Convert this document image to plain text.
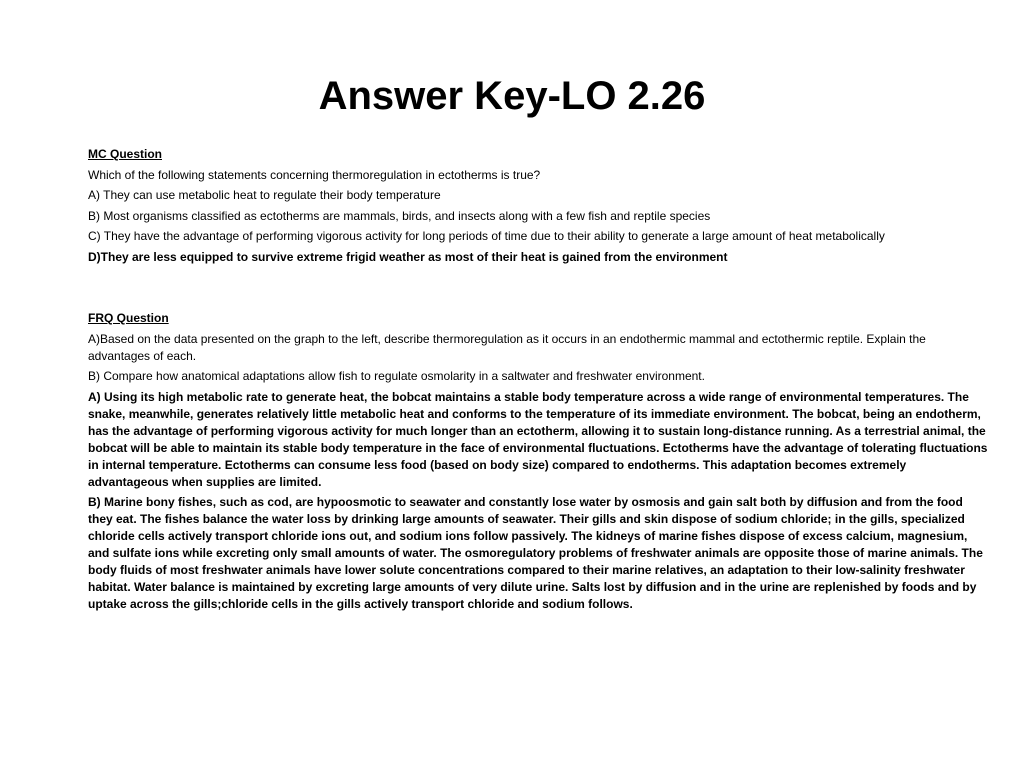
Answer Key-LO 2.26

MC Question

Which of the following statements concerning thermoregulation in ectotherms is true?

A) They can use metabolic heat to regulate their body temperature

B) Most organisms classified as ectotherms are mammals, birds, and insects along with a few fish and reptile species

C) They have the advantage of performing vigorous activity for long periods of time due to their ability to generate a large amount of heat metabolically

D)They are less equipped to survive extreme frigid weather as most of their heat is gained from the environment

FRQ Question

A)Based on the data presented on the graph to the left, describe thermoregulation as it occurs in an endothermic mammal and ectothermic reptile. Explain the advantages of each.

B) Compare how anatomical adaptations allow fish to regulate osmolarity in a saltwater and freshwater environment.

A) Using its high metabolic rate to generate heat, the bobcat maintains a stable body temperature across a wide range of environmental temperatures. The snake, meanwhile, generates relatively little metabolic heat and conforms to the temperature of its immediate environment. The bobcat, being an endotherm, has the advantage of performing vigorous activity for much longer than an ectotherm, allowing it to sustain long-distance running. As a terrestrial animal, the bobcat will be able to maintain its stable body temperature in the face of environmental fluctuations. Ectotherms have the advantage of tolerating fluctuations in internal temperature. Ectotherms can consume less food (based on body size) compared to endotherms. This adaptation becomes extremely advantageous when supplies are limited.

B) Marine bony fishes, such as cod, are hypoosmotic to seawater and constantly lose water by osmosis and gain salt both by diffusion and from the food they eat. The fishes balance the water loss by drinking large amounts of seawater. Their gills and skin dispose of sodium chloride; in the gills, specialized chloride cells actively transport chloride ions out, and sodium ions follow passively. The kidneys of marine fishes dispose of excess calcium, magnesium, and sulfate ions while excreting only small amounts of water. The osmoregulatory problems of freshwater animals are opposite those of marine animals. The body fluids of most freshwater animals have lower solute concentrations compared to their marine relatives, an adaptation to their low-salinity freshwater habitat. Water balance is maintained by excreting large amounts of very dilute urine. Salts lost by diffusion and in the urine are replenished by foods and by uptake across the gills;chloride cells in the gills actively transport chloride and sodium follows.
